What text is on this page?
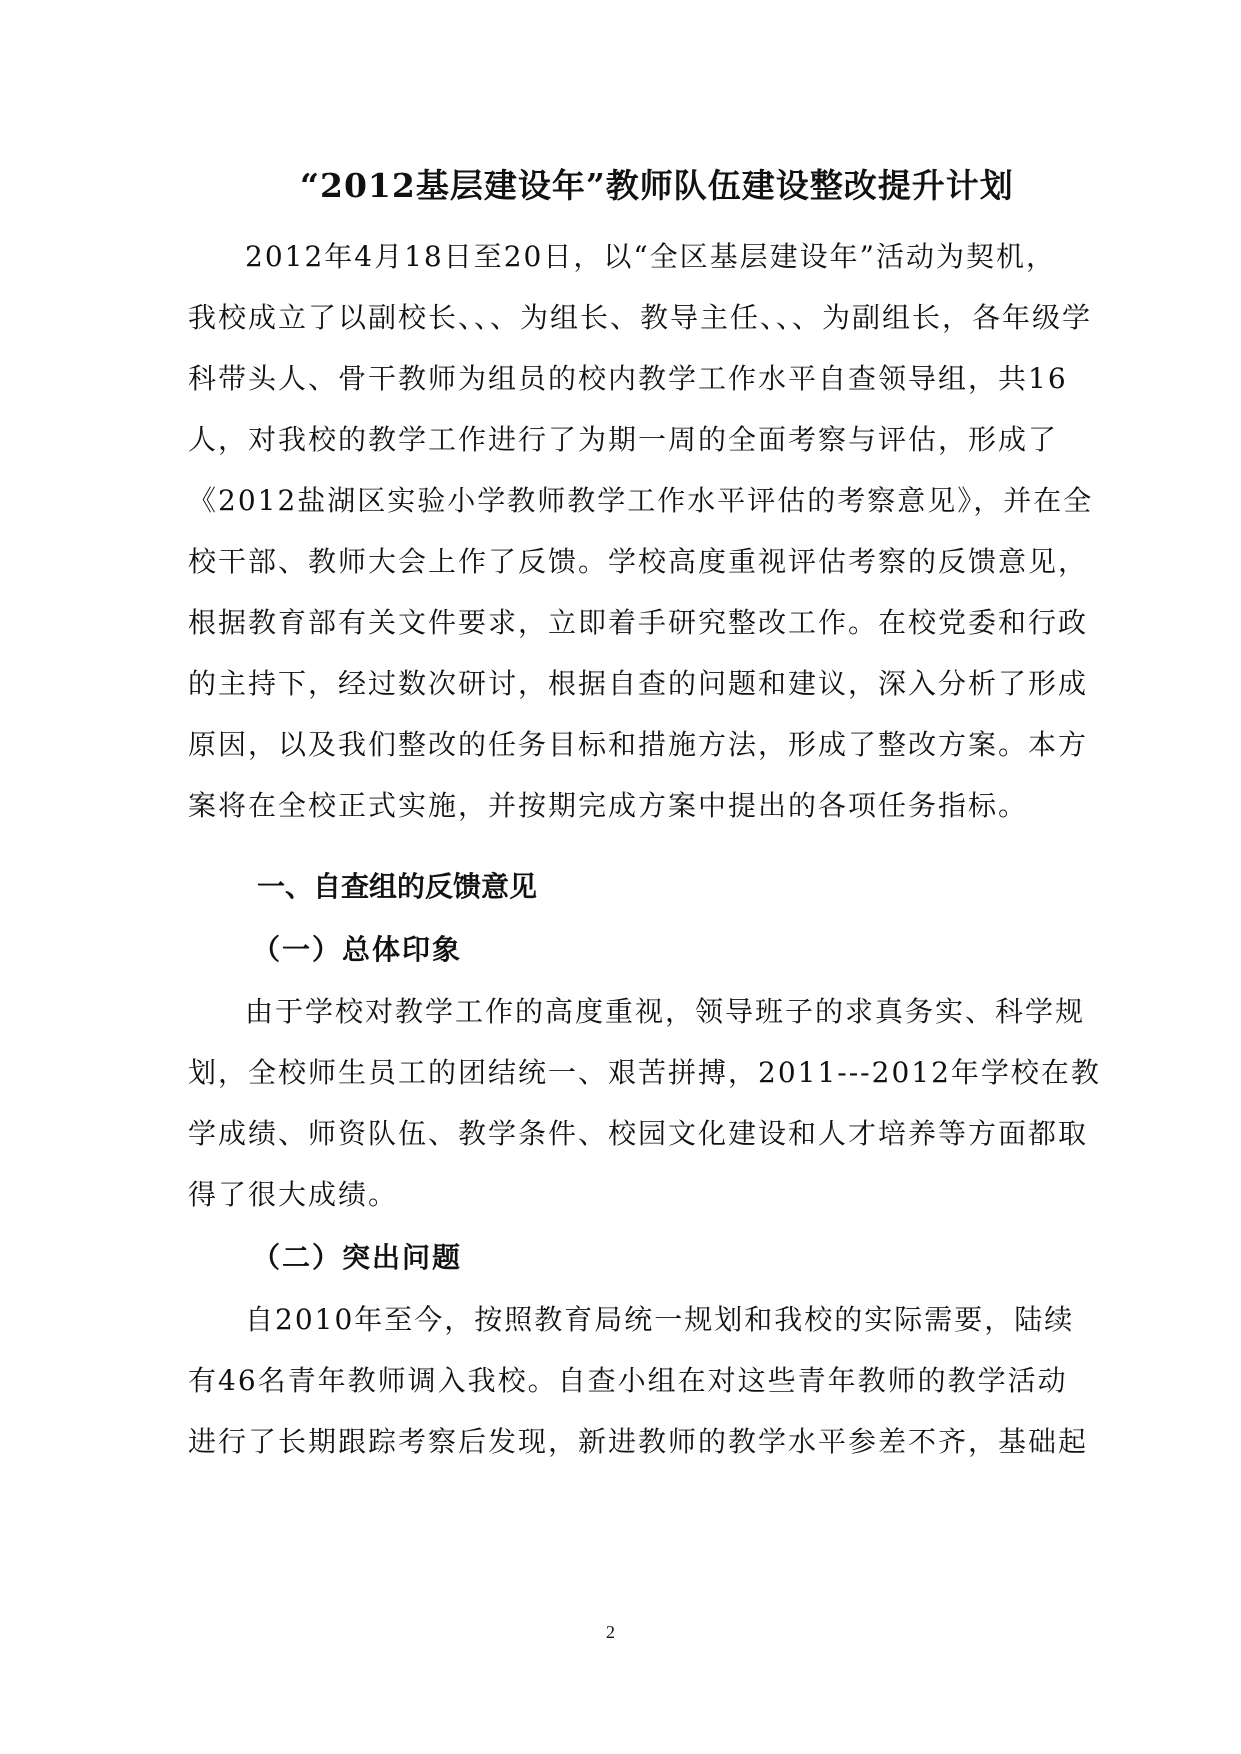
“2012基层建设年”教师队伍建设整改提升计划

2012年4月18日至20日，以“全区基层建设年”活动为契机，

我校成立了以副校长、、、为组长、教导主任、、、为副组长，各年级学

科带头人、骨干教师为组员的校内教学工作水平自查领导组，共16

人，对我校的教学工作进行了为期一周的全面考察与评估，形成了

《2012盐湖区实验小学教师教学工作水平评估的考察意见》，并在全

校干部、教师大会上作了反馈。学校高度重视评估考察的反馈意见，

根据教育部有关文件要求，立即着手研究整改工作。在校党委和行政

的主持下，经过数次研讨，根据自查的问题和建议，深入分析了形成

原因，以及我们整改的任务目标和措施方法，形成了整改方案。本方

案将在全校正式实施，并按期完成方案中提出的各项任务指标。

一、自查组的反馈意见
（一）总体印象

由于学校对教学工作的高度重视，领导班子的求真务实、科学规

划，全校师生员工的团结统一、艰苦拼搏，2011---2012年学校在教

学成绩、师资队伍、教学条件、校园文化建设和人才培养等方面都取

得了很大成绩。

（二）突出问题

自2010年至今，按照教育局统一规划和我校的实际需要，陆续

有46名青年教师调入我校。自查小组在对这些青年教师的教学活动

进行了长期跟踪考察后发现，新进教师的教学水平参差不齐，基础起

2
